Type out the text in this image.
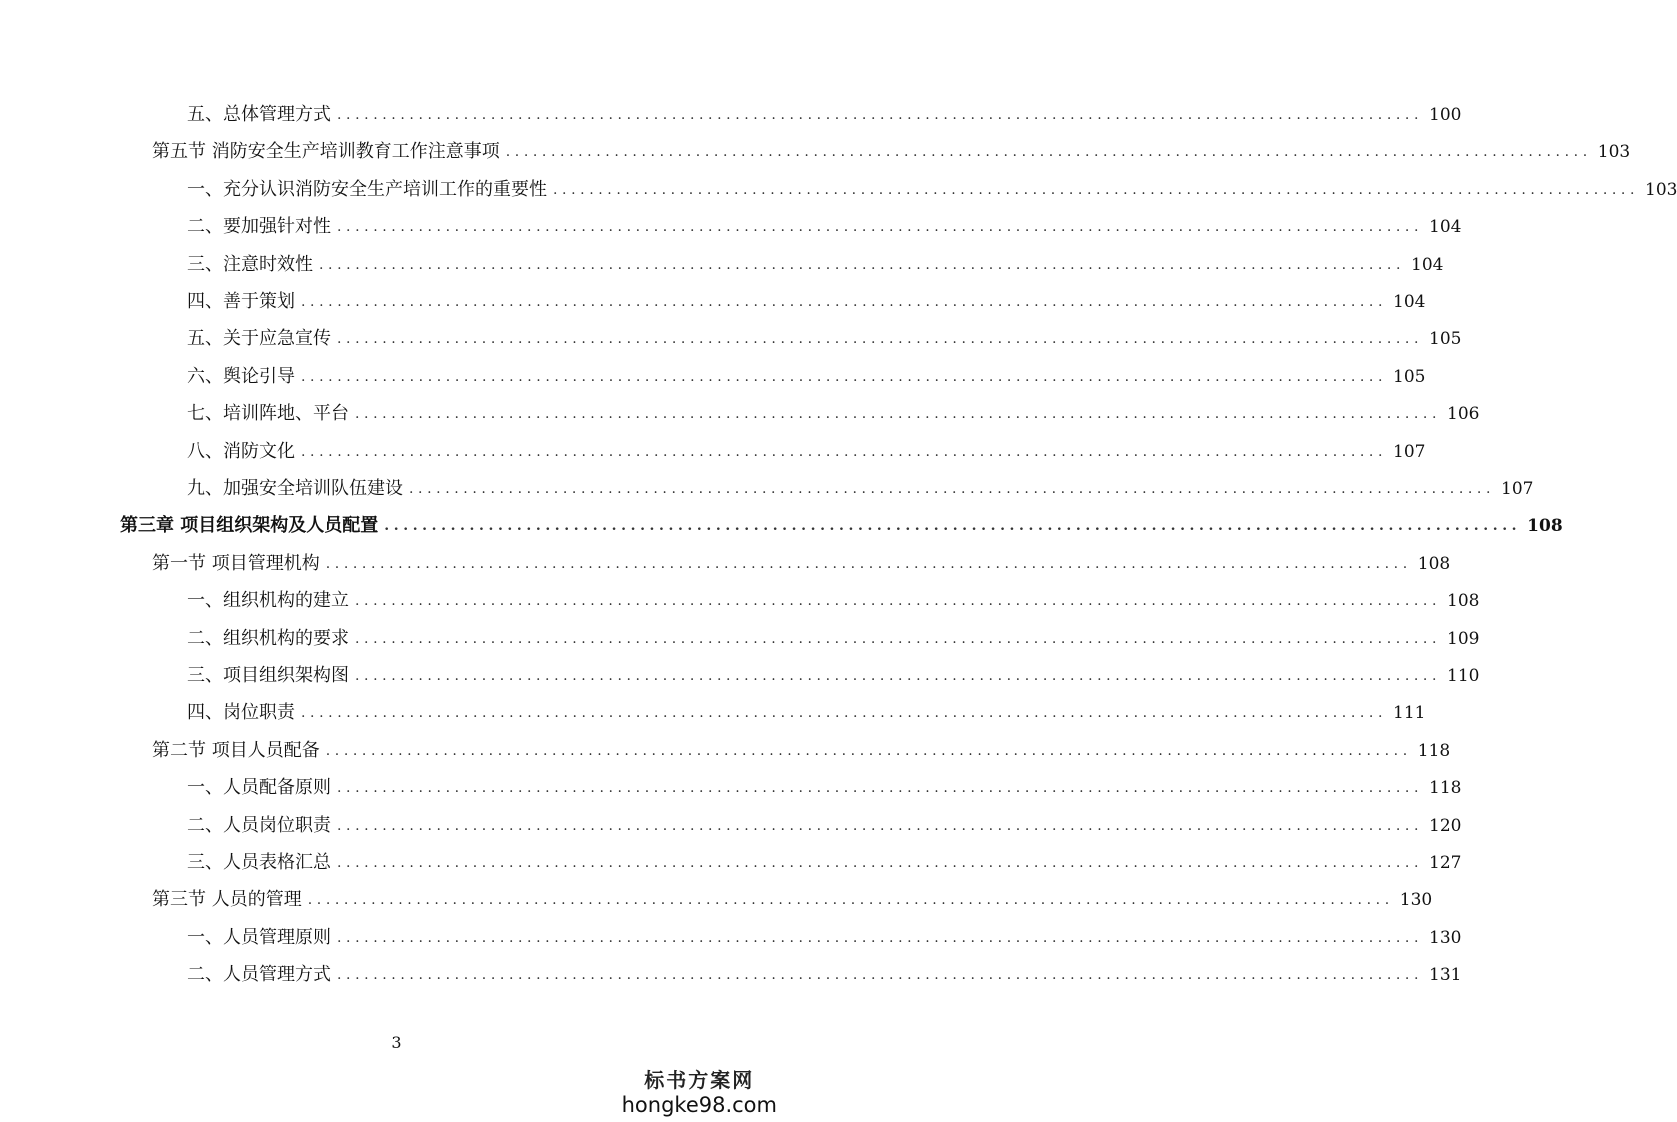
五、总体管理方式 ........................................................................................................................ 100
第五节 消防安全生产培训教育工作注意事项 ........................................................................................................................ 103
一、充分认识消防安全生产培训工作的重要性 ........................................................................................................................ 103
二、要加强针对性 ........................................................................................................................ 104
三、注意时效性 ........................................................................................................................ 104
四、善于策划 ........................................................................................................................ 104
五、关于应急宣传 ........................................................................................................................ 105
六、舆论引导 ........................................................................................................................ 105
七、培训阵地、平台 ........................................................................................................................ 106
八、消防文化 ........................................................................................................................ 107
九、加强安全培训队伍建设 ........................................................................................................................ 107
第三章 项目组织架构及人员配置 ........................................................................................................................ 108
第一节 项目管理机构 ........................................................................................................................ 108
一、组织机构的建立 ........................................................................................................................ 108
二、组织机构的要求 ........................................................................................................................ 109
三、项目组织架构图 ........................................................................................................................ 110
四、岗位职责 ........................................................................................................................ 111
第二节 项目人员配备 ........................................................................................................................ 118
一、人员配备原则 ........................................................................................................................ 118
二、人员岗位职责 ........................................................................................................................ 120
三、人员表格汇总 ........................................................................................................................ 127
第三节 人员的管理 ........................................................................................................................ 130
一、人员管理原则 ........................................................................................................................ 130
二、人员管理方式 ........................................................................................................................ 131
3
标书方案网
hongke98.com
